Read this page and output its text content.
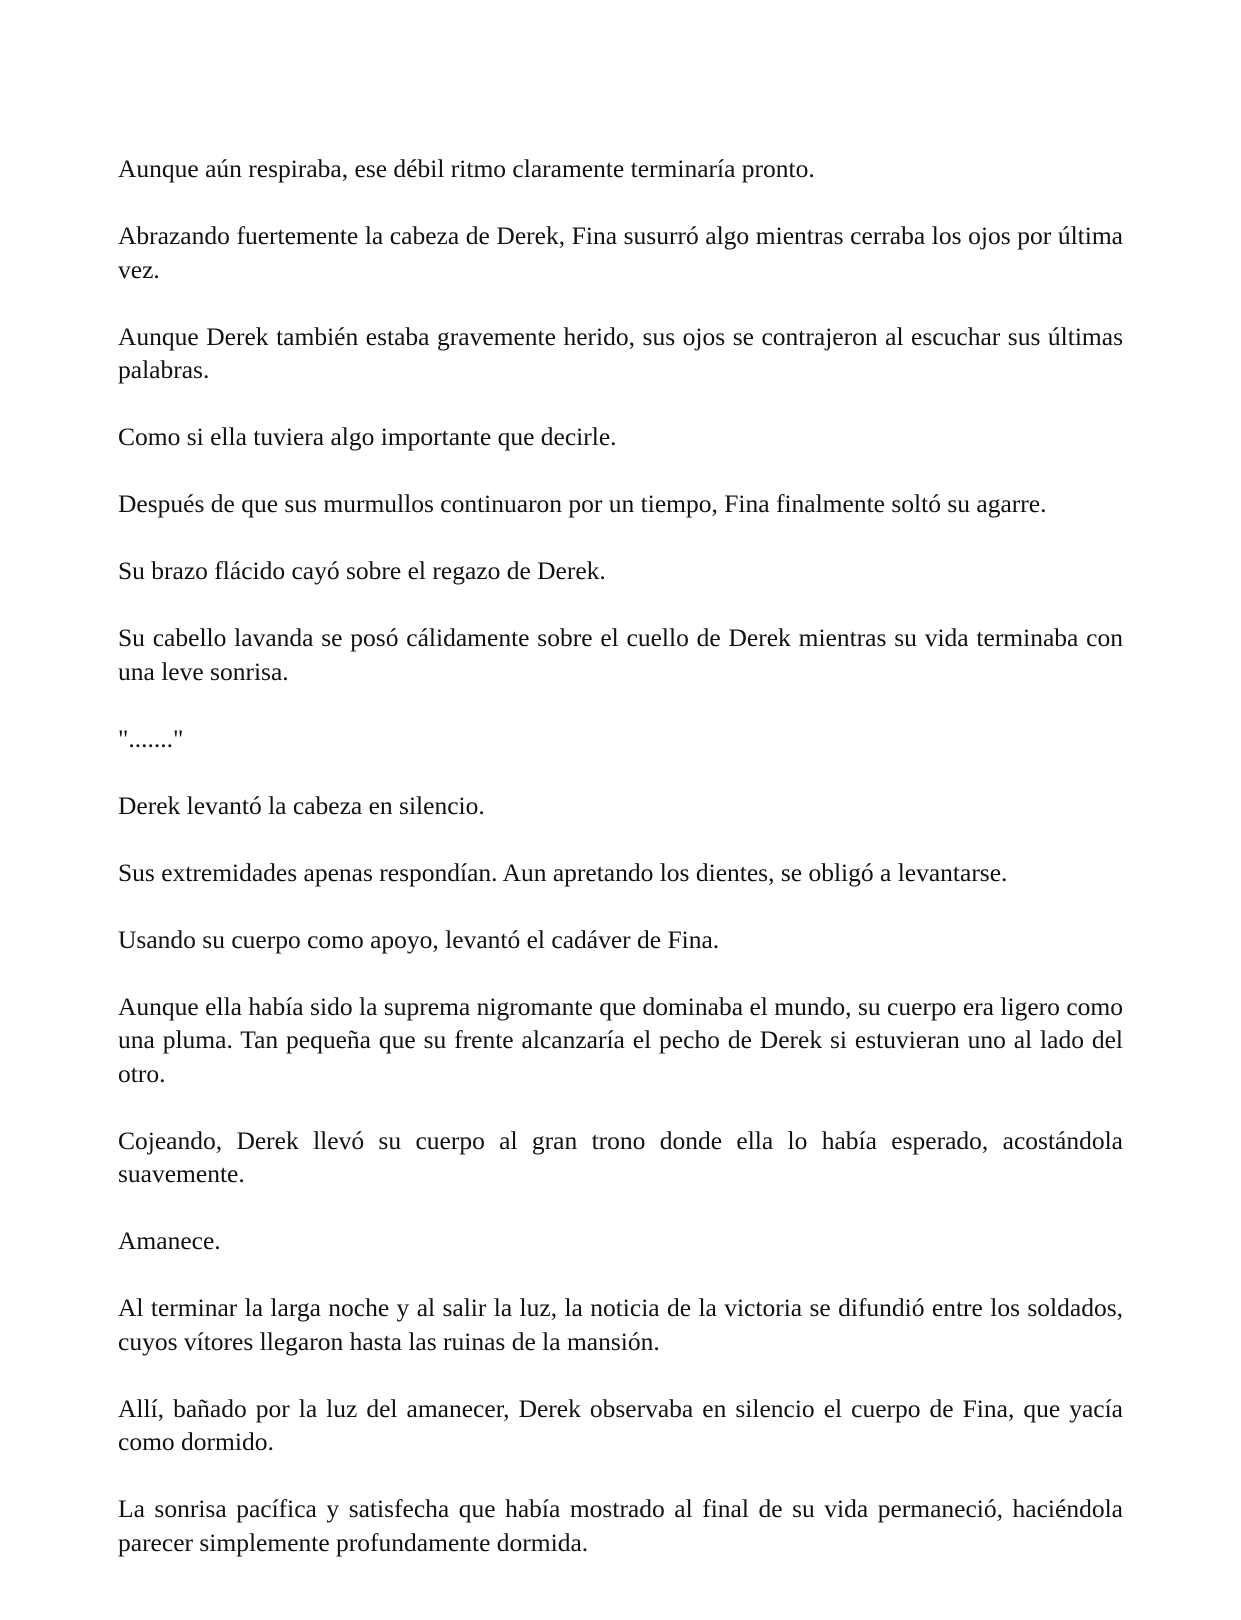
Aunque aún respiraba, ese débil ritmo claramente terminaría pronto.

Abrazando fuertemente la cabeza de Derek, Fina susurró algo mientras cerraba los ojos por última vez.

Aunque Derek también estaba gravemente herido, sus ojos se contrajeron al escuchar sus últimas palabras.

Como si ella tuviera algo importante que decirle.

Después de que sus murmullos continuaron por un tiempo, Fina finalmente soltó su agarre.

Su brazo flácido cayó sobre el regazo de Derek.

Su cabello lavanda se posó cálidamente sobre el cuello de Derek mientras su vida terminaba con una leve sonrisa.

"......."

Derek levantó la cabeza en silencio.

Sus extremidades apenas respondían. Aun apretando los dientes, se obligó a levantarse.

Usando su cuerpo como apoyo, levantó el cadáver de Fina.

Aunque ella había sido la suprema nigromante que dominaba el mundo, su cuerpo era ligero como una pluma. Tan pequeña que su frente alcanzaría el pecho de Derek si estuvieran uno al lado del otro.

Cojeando, Derek llevó su cuerpo al gran trono donde ella lo había esperado, acostándola suavemente.

Amanece.

Al terminar la larga noche y al salir la luz, la noticia de la victoria se difundió entre los soldados, cuyos vítores llegaron hasta las ruinas de la mansión.

Allí, bañado por la luz del amanecer, Derek observaba en silencio el cuerpo de Fina, que yacía como dormido.

La sonrisa pacífica y satisfecha que había mostrado al final de su vida permaneció, haciéndola parecer simplemente profundamente dormida.
